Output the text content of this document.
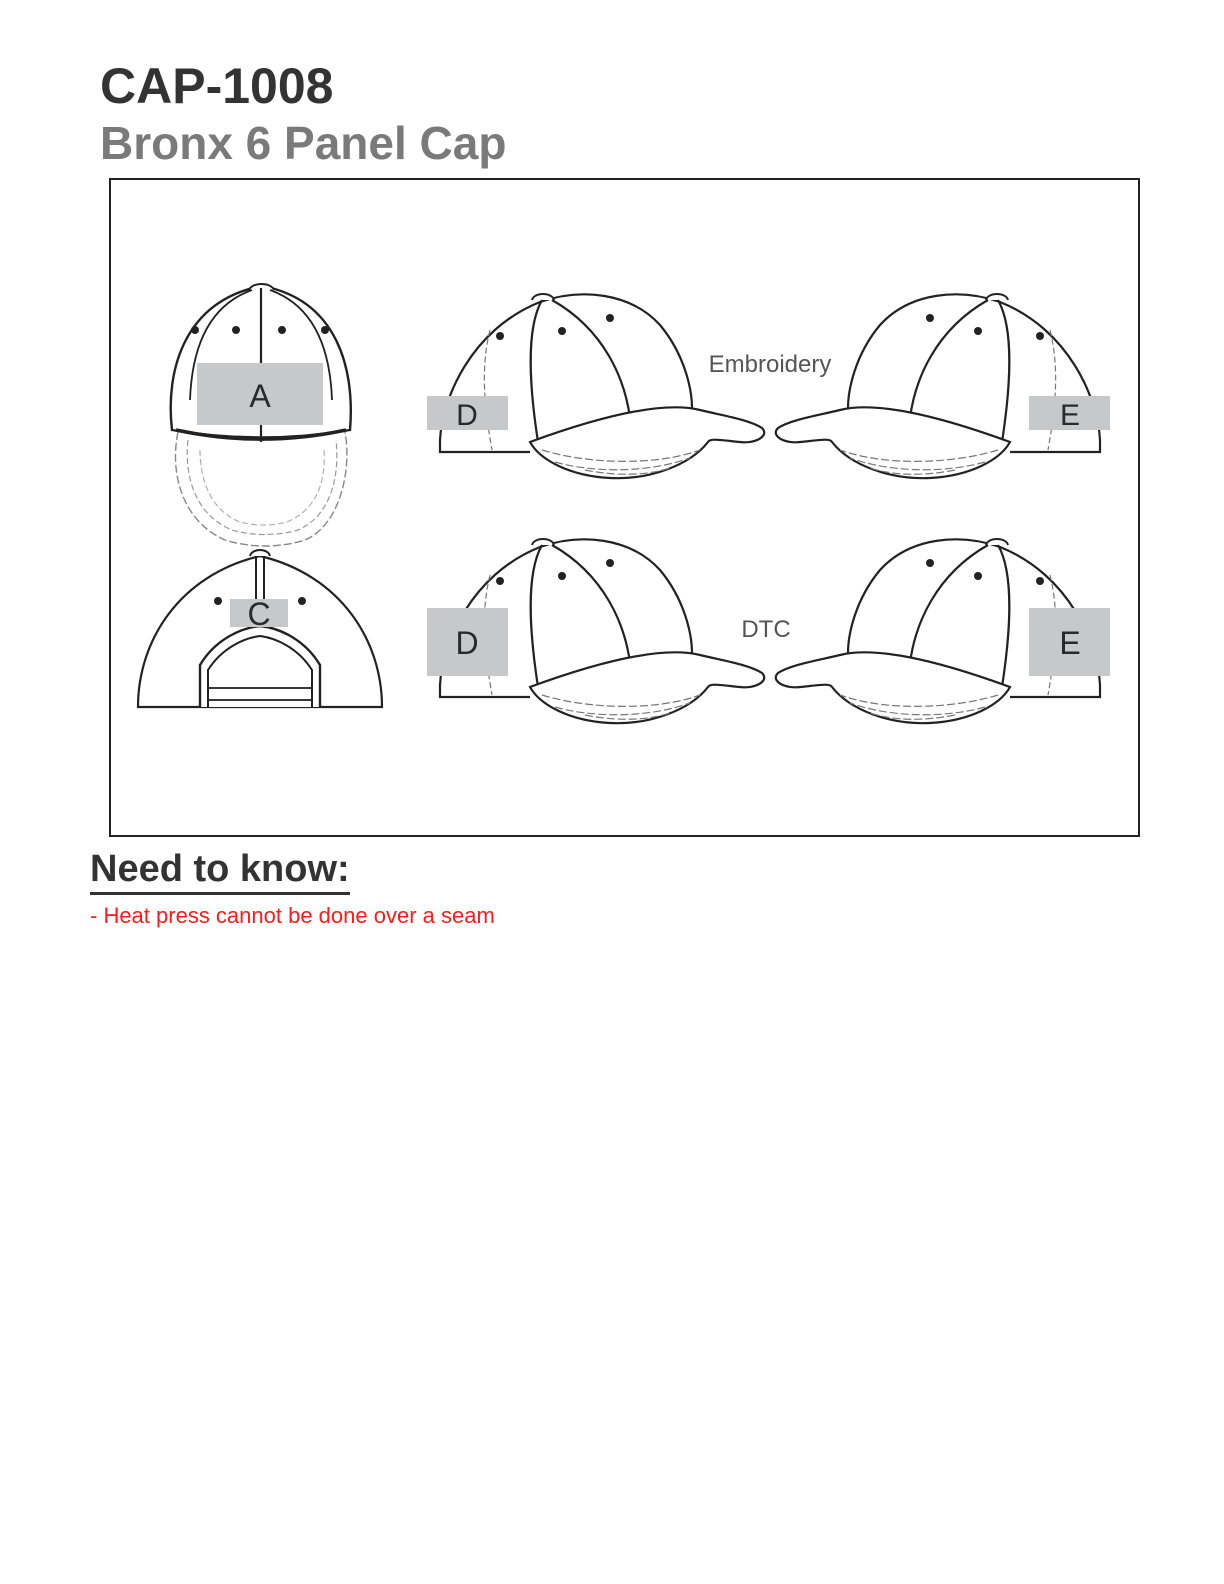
CAP-1008
Bronx 6 Panel Cap
A
C
D	E
Embroidery
D	E
DTC
Need to know:

- Heat press cannot be done over a seam
